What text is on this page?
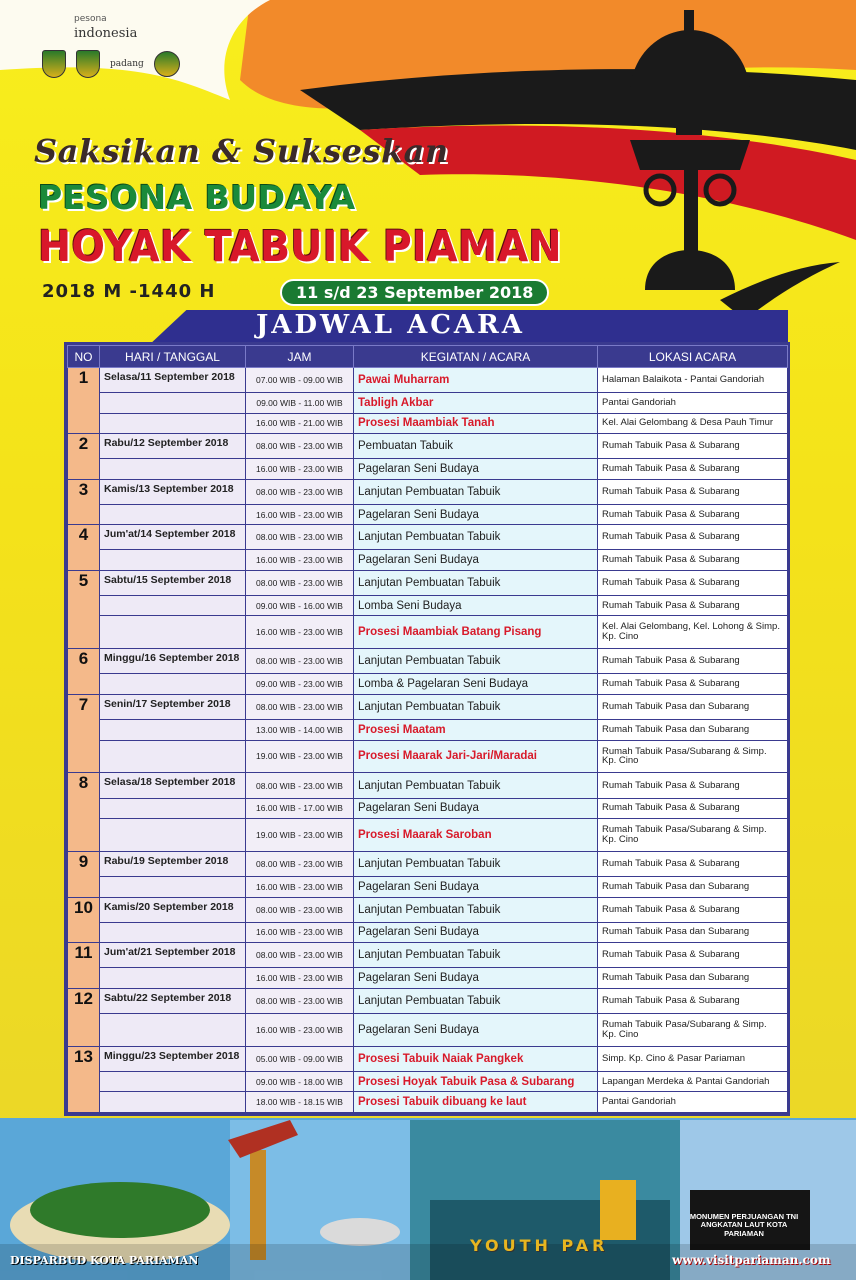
pesona
indonesia
padang
Saksikan & Sukseskan
PESONA BUDAYA
HOYAK TABUIK PIAMAN
2018 M -1440 H	11 s/d 23 September 2018
JADWAL ACARA
NO	HARI / TANGGAL	JAM	KEGIATAN / ACARA	LOKASI ACARA
1	Selasa/11 September 2018	07.00 WIB - 09.00 WIB	Pawai Muharram	Halaman Balaikota - Pantai Gandoriah
		09.00 WIB - 11.00 WIB	Tabligh Akbar	Pantai Gandoriah
		16.00 WIB - 21.00 WIB	Prosesi Maambiak Tanah	Kel. Alai Gelombang & Desa Pauh Timur
2	Rabu/12 September 2018	08.00 WIB - 23.00 WIB	Pembuatan Tabuik	Rumah Tabuik Pasa & Subarang
		16.00 WIB - 23.00 WIB	Pagelaran Seni Budaya	Rumah Tabuik Pasa & Subarang
3	Kamis/13 September 2018	08.00 WIB - 23.00 WIB	Lanjutan Pembuatan Tabuik	Rumah Tabuik Pasa & Subarang
		16.00 WIB - 23.00 WIB	Pagelaran Seni Budaya	Rumah Tabuik Pasa & Subarang
4	Jum'at/14 September 2018	08.00 WIB - 23.00 WIB	Lanjutan Pembuatan Tabuik	Rumah Tabuik Pasa & Subarang
		16.00 WIB - 23.00 WIB	Pagelaran Seni Budaya	Rumah Tabuik Pasa & Subarang
5	Sabtu/15 September 2018	08.00 WIB - 23.00 WIB	Lanjutan Pembuatan Tabuik	Rumah Tabuik Pasa & Subarang
		09.00 WIB - 16.00 WIB	Lomba Seni Budaya	Rumah Tabuik Pasa & Subarang
		16.00 WIB - 23.00 WIB	Prosesi Maambiak Batang Pisang	Kel. Alai Gelombang, Kel. Lohong & Simp. Kp. Cino
6	Minggu/16 September 2018	08.00 WIB - 23.00 WIB	Lanjutan Pembuatan Tabuik	Rumah Tabuik Pasa & Subarang
		09.00 WIB - 23.00 WIB	Lomba & Pagelaran Seni Budaya	Rumah Tabuik Pasa & Subarang
7	Senin/17 September 2018	08.00 WIB - 23.00 WIB	Lanjutan Pembuatan Tabuik	Rumah Tabuik Pasa dan Subarang
		13.00 WIB - 14.00 WIB	Prosesi Maatam	Rumah Tabuik Pasa dan Subarang
		19.00 WIB - 23.00 WIB	Prosesi Maarak Jari-Jari/Maradai	Rumah Tabuik Pasa/Subarang & Simp. Kp. Cino
8	Selasa/18 September 2018	08.00 WIB - 23.00 WIB	Lanjutan Pembuatan Tabuik	Rumah Tabuik Pasa & Subarang
		16.00 WIB - 17.00 WIB	Pagelaran Seni Budaya	Rumah Tabuik Pasa & Subarang
		19.00 WIB - 23.00 WIB	Prosesi Maarak Saroban	Rumah Tabuik Pasa/Subarang & Simp. Kp. Cino
9	Rabu/19 September 2018	08.00 WIB - 23.00 WIB	Lanjutan Pembuatan Tabuik	Rumah Tabuik Pasa & Subarang
		16.00 WIB - 23.00 WIB	Pagelaran Seni Budaya	Rumah Tabuik Pasa dan Subarang
10	Kamis/20 September 2018	08.00 WIB - 23.00 WIB	Lanjutan Pembuatan Tabuik	Rumah Tabuik Pasa & Subarang
		16.00 WIB - 23.00 WIB	Pagelaran Seni Budaya	Rumah Tabuik Pasa dan Subarang
11	Jum'at/21 September 2018	08.00 WIB - 23.00 WIB	Lanjutan Pembuatan Tabuik	Rumah Tabuik Pasa & Subarang
		16.00 WIB - 23.00 WIB	Pagelaran Seni Budaya	Rumah Tabuik Pasa dan Subarang
12	Sabtu/22 September 2018	08.00 WIB - 23.00 WIB	Lanjutan Pembuatan Tabuik	Rumah Tabuik Pasa & Subarang
		16.00 WIB - 23.00 WIB	Pagelaran Seni Budaya	Rumah Tabuik Pasa/Subarang & Simp. Kp. Cino
13	Minggu/23 September 2018	05.00 WIB - 09.00 WIB	Prosesi Tabuik Naiak Pangkek	Simp. Kp. Cino & Pasar Pariaman
		09.00 WIB - 18.00 WIB	Prosesi Hoyak Tabuik Pasa & Subarang	Lapangan Merdeka & Pantai Gandoriah
		18.00 WIB - 18.15 WIB	Prosesi Tabuik dibuang ke laut	Pantai Gandoriah
YOUTH PAR
MONUMEN PERJUANGAN TNI ANGKATAN LAUT KOTA PARIAMAN
DISPARBUD KOTA PARIAMAN	www.visitpariaman.com
